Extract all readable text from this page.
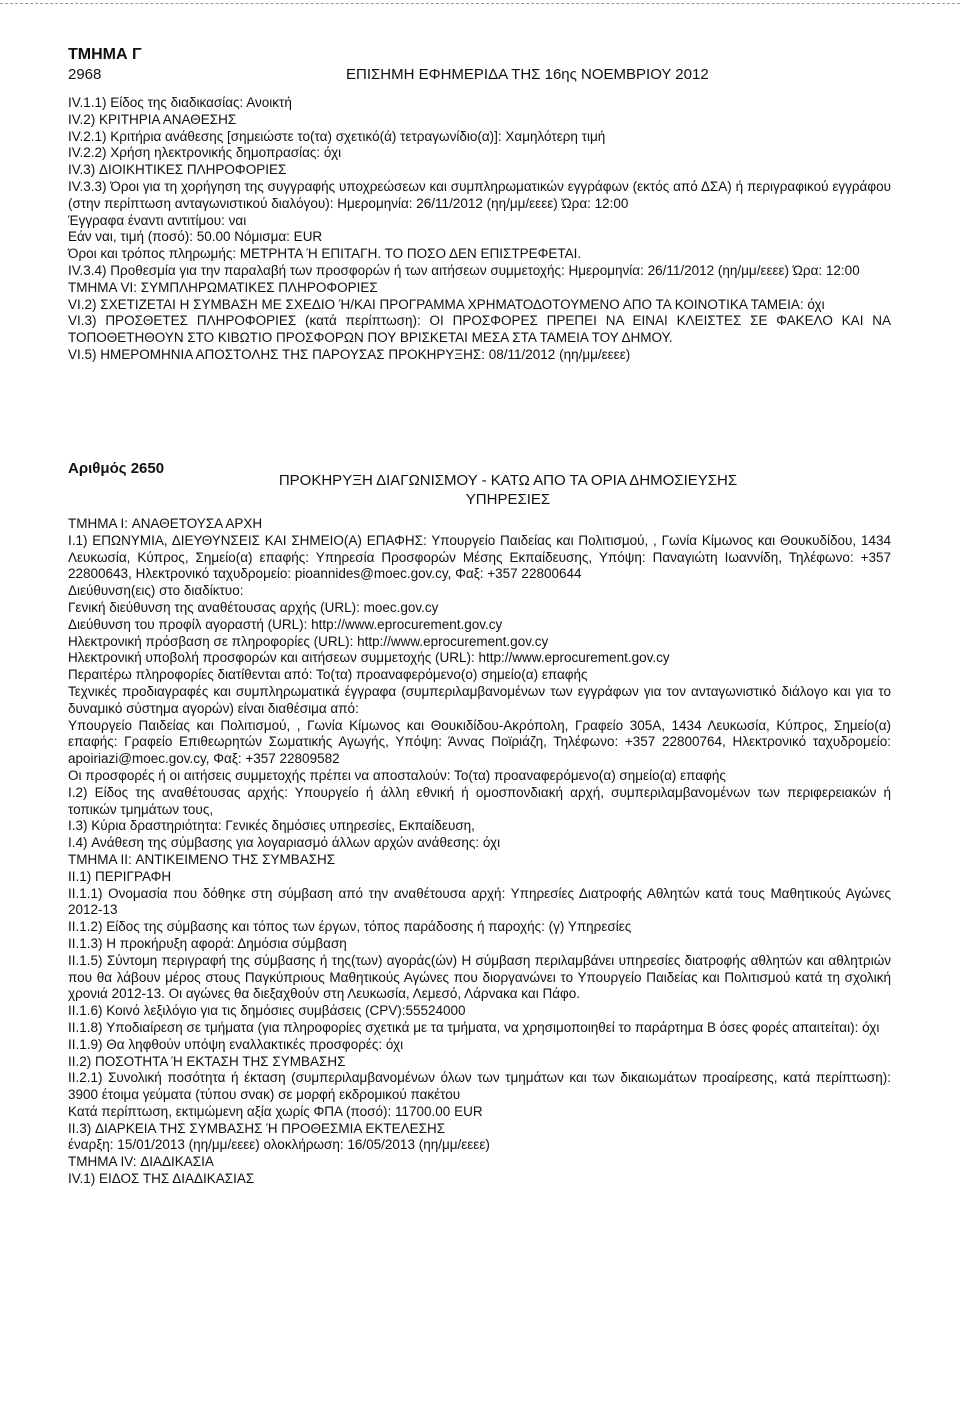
ΤΜΗΜΑ Γ
2968	ΕΠΙΣΗΜΗ ΕΦΗΜΕΡΙΔΑ ΤΗΣ 16ης ΝΟΕΜΒΡΙΟΥ 2012

IV.1.1) Είδος της διαδικασίας: Ανοικτή

IV.2) ΚΡΙΤΗΡΙΑ ΑΝΑΘΕΣΗΣ

IV.2.1) Κριτήρια ανάθεσης [σημειώστε το(τα) σχετικό(ά) τετραγωνίδιο(α)]: Χαμηλότερη τιμή

IV.2.2) Χρήση ηλεκτρονικής δημοπρασίας: όχι

IV.3) ΔΙΟΙΚΗΤΙΚΕΣ ΠΛΗΡΟΦΟΡΙΕΣ

IV.3.3) Όροι για τη χορήγηση της συγγραφής υποχρεώσεων και συμπληρωματικών εγγράφων (εκτός από ΔΣΑ) ή περιγραφικού εγγράφου (στην περίπτωση ανταγωνιστικού διαλόγου): Ημερομηνία: 26/11/2012 (ηη/μμ/εεεε) Ώρα: 12:00

Έγγραφα έναντι αντιτίμου: ναι

Εάν ναι, τιμή (ποσό): 50.00 Νόμισμα: EUR

Όροι και τρόπος πληρωμής: ΜΕΤΡΗΤΑ Ή ΕΠΙΤΑΓΗ. ΤΟ ΠΟΣΟ ΔΕΝ ΕΠΙΣΤΡΕΦΕΤΑΙ.

IV.3.4) Προθεσμία για την παραλαβή των προσφορών ή των αιτήσεων συμμετοχής: Ημερομηνία: 26/11/2012 (ηη/μμ/εεεε) Ώρα: 12:00

ΤΜΗΜΑ VI: ΣΥΜΠΛΗΡΩΜΑΤΙΚΕΣ ΠΛΗΡΟΦΟΡΙΕΣ

VI.2) ΣΧΕΤΙΖΕΤΑΙ Η ΣΥΜΒΑΣΗ ΜΕ ΣΧΕΔΙΟ Ή/ΚΑΙ ΠΡΟΓΡΑΜΜΑ ΧΡΗΜΑΤΟΔΟΤΟΥΜΕΝΟ ΑΠΟ ΤΑ ΚΟΙΝΟΤΙΚΑ ΤΑΜΕΙΑ: όχι

VI.3) ΠΡΟΣΘΕΤΕΣ ΠΛΗΡΟΦΟΡΙΕΣ (κατά περίπτωση): ΟΙ ΠΡΟΣΦΟΡΕΣ ΠΡΕΠΕΙ ΝΑ ΕΙΝΑΙ ΚΛΕΙΣΤΕΣ ΣΕ ΦΑΚΕΛΟ ΚΑΙ ΝΑ ΤΟΠΟΘΕΤΗΘΟΥΝ ΣΤΟ ΚΙΒΩΤΙΟ ΠΡΟΣΦΟΡΩΝ ΠΟΥ ΒΡΙΣΚΕΤΑΙ ΜΕΣΑ ΣΤΑ ΤΑΜΕΙΑ ΤΟΥ ΔΗΜΟΥ.

VI.5) ΗΜΕΡΟΜΗΝΙΑ ΑΠΟΣΤΟΛΗΣ ΤΗΣ ΠΑΡΟΥΣΑΣ ΠΡΟΚΗΡΥΞΗΣ: 08/11/2012 (ηη/μμ/εεεε)

Αριθμός 2650
ΠΡΟΚΗΡΥΞΗ ΔΙΑΓΩΝΙΣΜΟΥ - ΚΑΤΩ ΑΠΟ ΤΑ ΟΡΙΑ ΔΗΜΟΣΙΕΥΣΗΣ
ΥΠΗΡΕΣΙΕΣ

ΤΜΗΜΑ I: ΑΝΑΘΕΤΟΥΣΑ ΑΡΧΗ

I.1) ΕΠΩΝΥΜΙΑ, ΔΙΕΥΘΥΝΣΕΙΣ ΚΑΙ ΣΗΜΕΙΟ(Α) ΕΠΑΦΗΣ: Υπουργείο Παιδείας και Πολιτισμού, , Γωνία Κίμωνος και Θουκυδίδου, 1434 Λευκωσία, Κύπρος, Σημείο(α) επαφής: Υπηρεσία Προσφορών Μέσης Εκπαίδευσης, Υπόψη: Παναγιώτη Ιωαννίδη, Τηλέφωνο: +357 22800643, Ηλεκτρονικό ταχυδρομείο: pioannides@moec.gov.cy, Φαξ: +357 22800644

Διεύθυνση(εις) στο διαδίκτυο:

Γενική διεύθυνση της αναθέτουσας αρχής (URL): moec.gov.cy

Διεύθυνση του προφίλ αγοραστή (URL): http://www.eprocurement.gov.cy

Ηλεκτρονική πρόσβαση σε πληροφορίες (URL): http://www.eprocurement.gov.cy

Ηλεκτρονική υποβολή προσφορών και αιτήσεων συμμετοχής (URL): http://www.eprocurement.gov.cy

Περαιτέρω πληροφορίες διατίθενται από: Το(τα) προαναφερόμενο(ο) σημείο(α) επαφής

Τεχνικές προδιαγραφές και συμπληρωματικά έγγραφα (συμπεριλαμβανομένων των εγγράφων για τον ανταγωνιστικό διάλογο και για το δυναμικό σύστημα αγορών) είναι διαθέσιμα από:

Υπουργείο Παιδείας και Πολιτισμού, , Γωνία Κίμωνος και Θουκιδίδου-Ακρόπολη, Γραφείο 305Α, 1434 Λευκωσία, Κύπρος, Σημείο(α) επαφής: Γραφείο Επιθεωρητών Σωματικής Αγωγής, Υπόψη: Άννας Ποϊριάζη, Τηλέφωνο: +357 22800764, Ηλεκτρονικό ταχυδρομείο: apoiriazi@moec.gov.cy, Φαξ: +357 22809582

Οι προσφορές ή οι αιτήσεις συμμετοχής πρέπει να αποσταλούν: Το(τα) προαναφερόμενο(α) σημείο(α) επαφής

I.2) Είδος της αναθέτουσας αρχής: Υπουργείο ή άλλη εθνική ή ομοσπονδιακή αρχή, συμπεριλαμβανομένων των περιφερειακών ή τοπικών τμημάτων τους,

I.3) Κύρια δραστηριότητα: Γενικές δημόσιες υπηρεσίες, Εκπαίδευση,

I.4) Ανάθεση της σύμβασης για λογαριασμό άλλων αρχών ανάθεσης: όχι

ΤΜΗΜΑ II: ΑΝΤΙΚΕΙΜΕΝΟ ΤΗΣ ΣΥΜΒΑΣΗΣ

II.1) ΠΕΡΙΓΡΑΦΗ

II.1.1) Ονομασία που δόθηκε στη σύμβαση από την αναθέτουσα αρχή: Υπηρεσίες Διατροφής Αθλητών κατά τους Μαθητικούς Αγώνες 2012-13

II.1.2) Είδος της σύμβασης και τόπος των έργων, τόπος παράδοσης ή παροχής: (γ) Υπηρεσίες

II.1.3) Η προκήρυξη αφορά: Δημόσια σύμβαση

II.1.5) Σύντομη περιγραφή της σύμβασης ή της(των) αγοράς(ών) Η σύμβαση περιλαμβάνει υπηρεσίες διατροφής αθλητών και αθλητριών που θα λάβουν μέρος στους Παγκύπριους Μαθητικούς Αγώνες που διοργανώνει το Υπουργείο Παιδείας και Πολιτισμού κατά τη σχολική χρονιά 2012-13. Οι αγώνες θα διεξαχθούν στη Λευκωσία, Λεμεσό, Λάρνακα και Πάφο.

II.1.6) Κοινό λεξιλόγιο για τις δημόσιες συμβάσεις (CPV):55524000

II.1.8) Υποδιαίρεση σε τμήματα (για πληροφορίες σχετικά με τα τμήματα, να χρησιμοποιηθεί το παράρτημα Β όσες φορές απαιτείται): όχι

II.1.9) Θα ληφθούν υπόψη εναλλακτικές προσφορές: όχι

II.2) ΠΟΣΟΤΗΤΑ Ή ΕΚΤΑΣΗ ΤΗΣ ΣΥΜΒΑΣΗΣ

II.2.1) Συνολική ποσότητα ή έκταση (συμπεριλαμβανομένων όλων των τμημάτων και των δικαιωμάτων προαίρεσης, κατά περίπτωση): 3900 έτοιμα γεύματα (τύπου σνακ) σε μορφή εκδρομικού πακέτου

Κατά περίπτωση, εκτιμώμενη αξία χωρίς ΦΠΑ (ποσό): 11700.00 EUR

II.3) ΔΙΑΡΚΕΙΑ ΤΗΣ ΣΥΜΒΑΣΗΣ Ή ΠΡΟΘΕΣΜΙΑ ΕΚΤΕΛΕΣΗΣ

έναρξη: 15/01/2013 (ηη/μμ/εεεε) ολοκλήρωση: 16/05/2013 (ηη/μμ/εεεε)

ΤΜΗΜΑ IV: ΔΙΑΔΙΚΑΣΙΑ

IV.1) ΕΙΔΟΣ ΤΗΣ ΔΙΑΔΙΚΑΣΙΑΣ
